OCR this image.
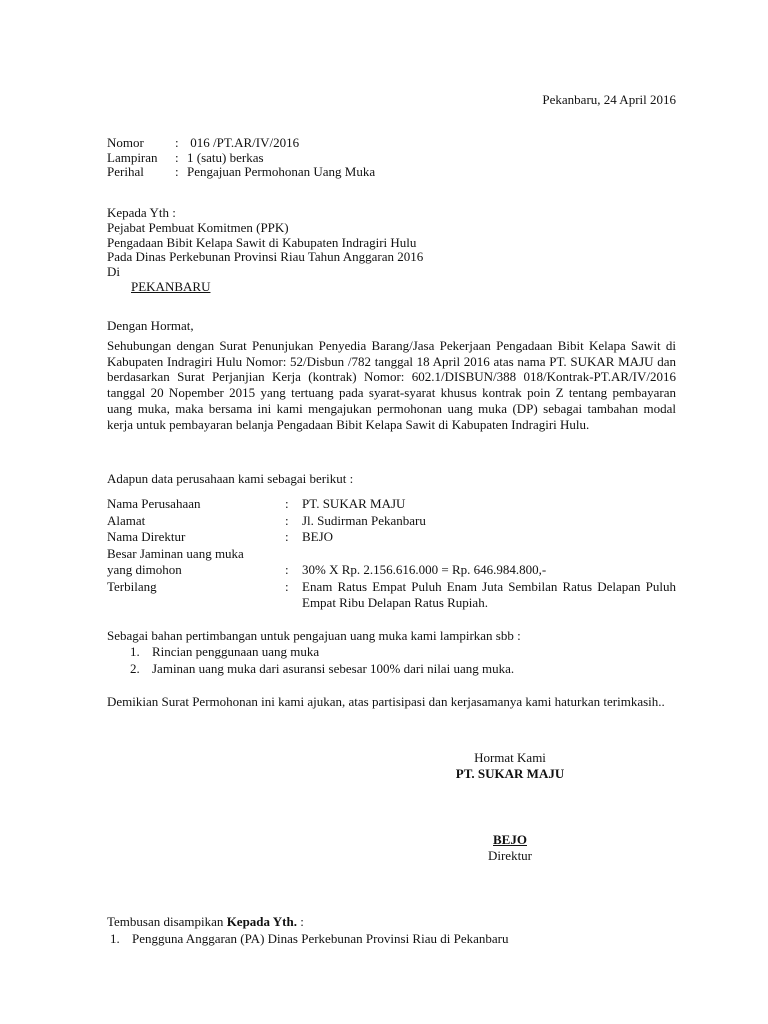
Pekanbaru, 24 April 2016
Nomor	: 016 /PT.AR/IV/2016
Lampiran	: 1 (satu) berkas
Perihal	: Pengajuan Permohonan Uang Muka
Kepada Yth :
Pejabat Pembuat Komitmen (PPK)
Pengadaan Bibit Kelapa Sawit di Kabupaten Indragiri Hulu
Pada Dinas Perkebunan Provinsi Riau Tahun Anggaran 2016
Di
PEKANBARU
Dengan Hormat,
Sehubungan dengan Surat Penunjukan Penyedia Barang/Jasa Pekerjaan Pengadaan Bibit Kelapa Sawit di Kabupaten Indragiri Hulu Nomor: 52/Disbun /782 tanggal 18 April 2016 atas nama PT. SUKAR MAJU dan berdasarkan Surat Perjanjian Kerja (kontrak) Nomor: 602.1/DISBUN/388 018/Kontrak-PT.AR/IV/2016 tanggal 20 Nopember 2015 yang tertuang pada syarat-syarat khusus kontrak poin Z tentang pembayaran uang muka, maka bersama ini kami mengajukan permohonan uang muka (DP) sebagai tambahan modal kerja untuk pembayaran belanja Pengadaan Bibit Kelapa Sawit di Kabupaten Indragiri Hulu.
Adapun data perusahaan kami sebagai berikut :
Nama Perusahaan	:	PT. SUKAR MAJU
Alamat	:	Jl. Sudirman Pekanbaru
Nama Direktur	:	BEJO
Besar Jaminan uang muka
yang dimohon	:	30% X Rp. 2.156.616.000 = Rp. 646.984.800,-
Terbilang	:	Enam Ratus Empat Puluh Enam Juta Sembilan Ratus Delapan Puluh Empat Ribu Delapan Ratus Rupiah.
Sebagai bahan pertimbangan untuk pengajuan uang muka kami lampirkan sbb :
1. Rincian penggunaan uang muka
2. Jaminan uang muka dari asuransi sebesar 100% dari nilai uang muka.
Demikian Surat Permohonan ini kami ajukan, atas partisipasi dan kerjasamanya kami haturkan terimkasih..
Hormat Kami
PT. SUKAR MAJU
BEJO
Direktur
Tembusan disampikan Kepada Yth. :
1. Pengguna Anggaran (PA) Dinas Perkebunan Provinsi Riau di Pekanbaru
